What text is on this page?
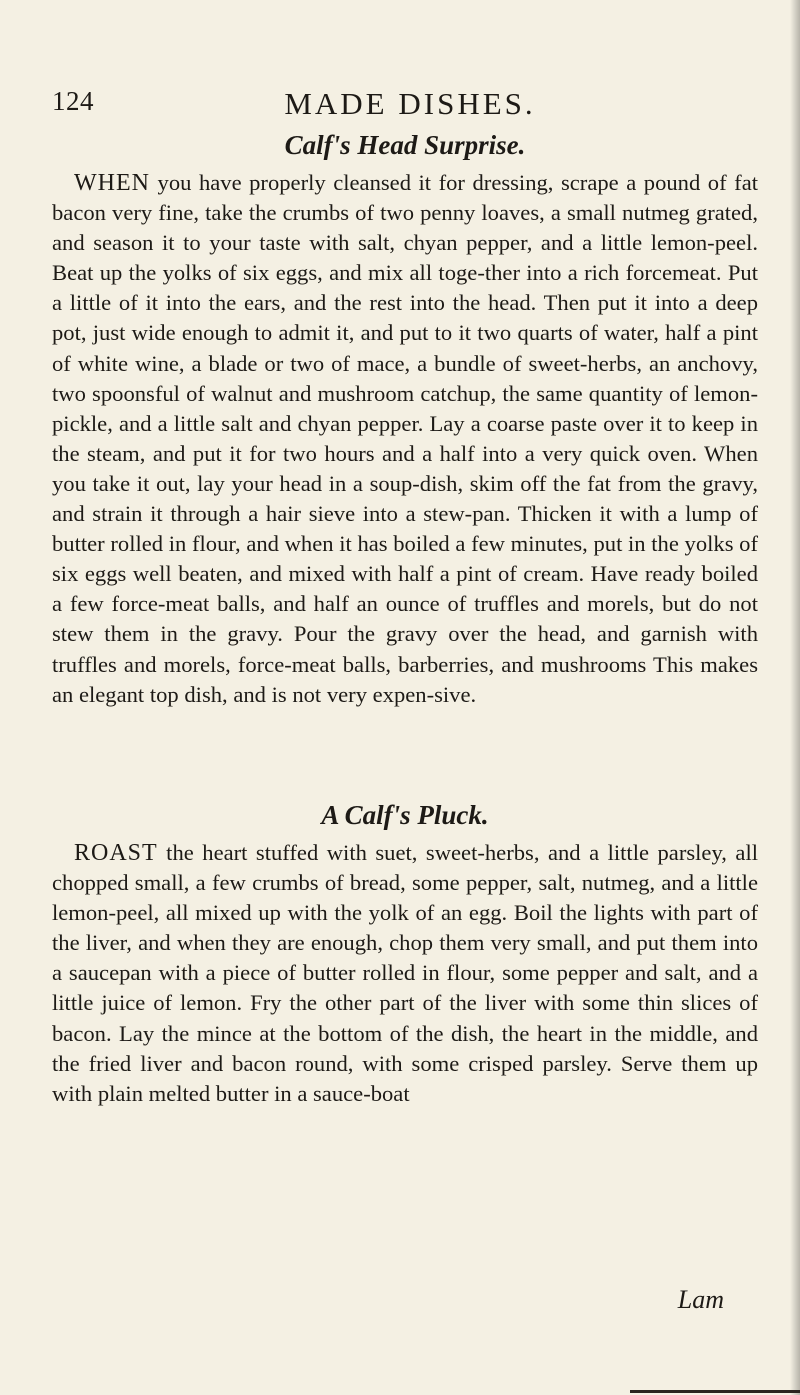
124	MADE DISHES.
Calf's Head Surprise.

WHEN you have properly cleansed it for dressing, scrape a pound of fat bacon very fine, take the crumbs of two penny loaves, a small nutmeg grated, and season it to your taste with salt, chyan pepper, and a little lemon-peel. Beat up the yolks of six eggs, and mix all toge-ther into a rich forcemeat. Put a little of it into the ears, and the rest into the head. Then put it into a deep pot, just wide enough to admit it, and put to it two quarts of water, half a pint of white wine, a blade or two of mace, a bundle of sweet-herbs, an anchovy, two spoonsful of walnut and mushroom catchup, the same quantity of lemon-pickle, and a little salt and chyan pepper. Lay a coarse paste over it to keep in the steam, and put it for two hours and a half into a very quick oven. When you take it out, lay your head in a soup-dish, skim off the fat from the gravy, and strain it through a hair sieve into a stew-pan. Thicken it with a lump of butter rolled in flour, and when it has boiled a few minutes, put in the yolks of six eggs well beaten, and mixed with half a pint of cream. Have ready boiled a few force-meat balls, and half an ounce of truffles and morels, but do not stew them in the gravy. Pour the gravy over the head, and garnish with truffles and morels, force-meat balls, barberries, and mushrooms This makes an elegant top dish, and is not very expen-sive.

A Calf's Pluck.

ROAST the heart stuffed with suet, sweet-herbs, and a little parsley, all chopped small, a few crumbs of bread, some pepper, salt, nutmeg, and a little lemon-peel, all mixed up with the yolk of an egg. Boil the lights with part of the liver, and when they are enough, chop them very small, and put them into a saucepan with a piece of butter rolled in flour, some pepper and salt, and a little juice of lemon. Fry the other part of the liver with some thin slices of bacon. Lay the mince at the bottom of the dish, the heart in the middle, and the fried liver and bacon round, with some crisped parsley. Serve them up with plain melted butter in a sauce-boat

Lam
